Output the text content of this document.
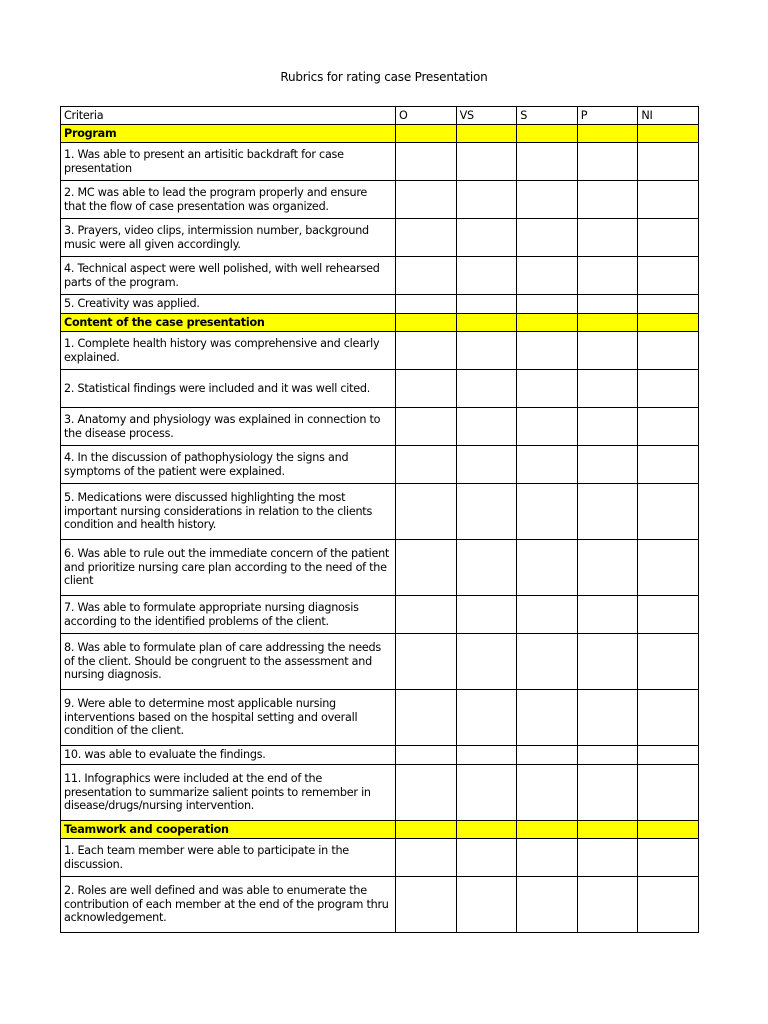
Rubrics for rating case Presentation
Criteria	O	VS	S	P	NI
Program					

1. Was able to present an artisitic backdraft for case presentation					

2. MC was able to lead the program properly and ensure that the flow of case presentation was organized.					

3. Prayers, video clips, intermission number, background music were all given accordingly.					

4. Technical aspect were well polished, with well rehearsed parts of the program.					

5. Creativity was applied.					

Content of the case presentation					

1. Complete health history was comprehensive and clearly explained.					

2. Statistical findings were included and it was well cited.					

3. Anatomy and physiology was explained in connection to the disease process.					

4. In the discussion of pathophysiology the signs and symptoms of the patient were explained.					

5. Medications were discussed highlighting the most important nursing considerations in relation to the clients condition and health history.					

6. Was able to rule out the immediate concern of the patient and prioritize nursing care plan according to the need of the client					

7. Was able to formulate appropriate nursing diagnosis according to the identified problems of the client.					

8. Was able to formulate plan of care addressing the needs of the client. Should be congruent to the assessment and nursing diagnosis.					

9. Were able to determine most applicable nursing interventions based on the hospital setting and overall condition of the client.					

10. was able to evaluate the findings.					

11. Infographics were included at the end of the presentation to summarize salient points to remember in disease/drugs/nursing intervention.					

Teamwork and cooperation					

1. Each team member were able to participate in the discussion.					

2. Roles are well defined and was able to enumerate the contribution of each member at the end of the program thru acknowledgement.					
